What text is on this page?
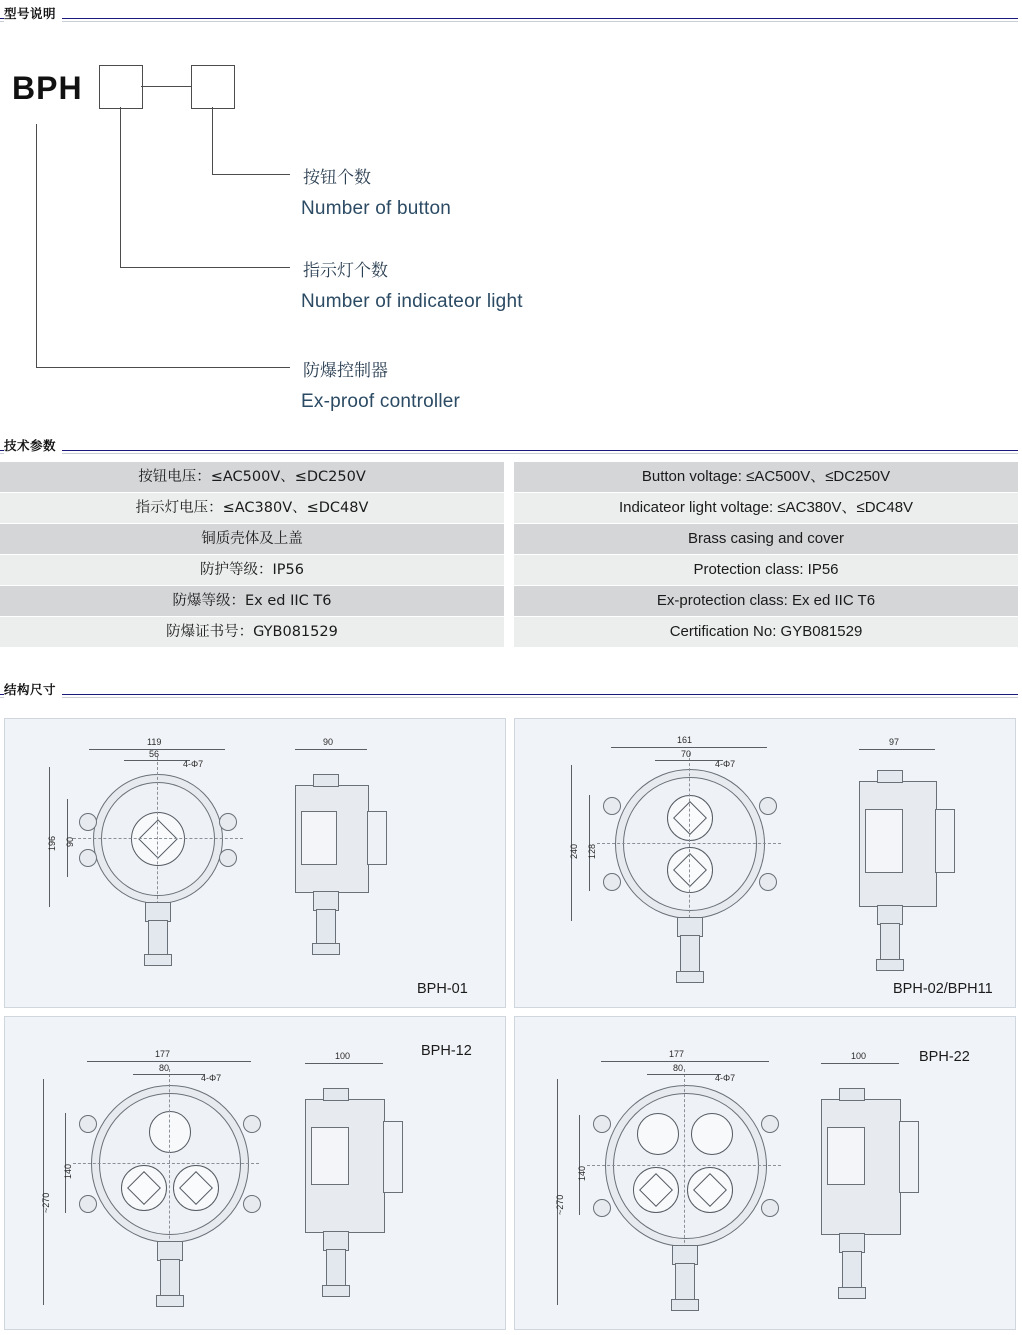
型号说明
BPH
按钮个数
Number of button
指示灯个数
Number of indicateor light
防爆控制器
Ex-proof controller
技术参数
按钮电压：≤AC500V、≤DC250V	Button voltage: ≤AC500V、≤DC250V
指示灯电压：≤AC380V、≤DC48V	Indicateor light voltage: ≤AC380V、≤DC48V
铜质壳体及上盖	Brass casing and cover
防护等级：IP56	Protection class: IP56
防爆等级：Ex ed IIC T6	Ex-protection class: Ex ed IIC T6
防爆证书号：GYB081529	Certification No: GYB081529
结构尺寸
119
56
196 90
4-Φ7
90
BPH-01
161
70
240 128
4-Φ7
97
BPH-02/BPH11
177
80
~270
140
4-Φ7
100	BPH-12	177
80
~270
140
4-Φ7
100	BPH-22
